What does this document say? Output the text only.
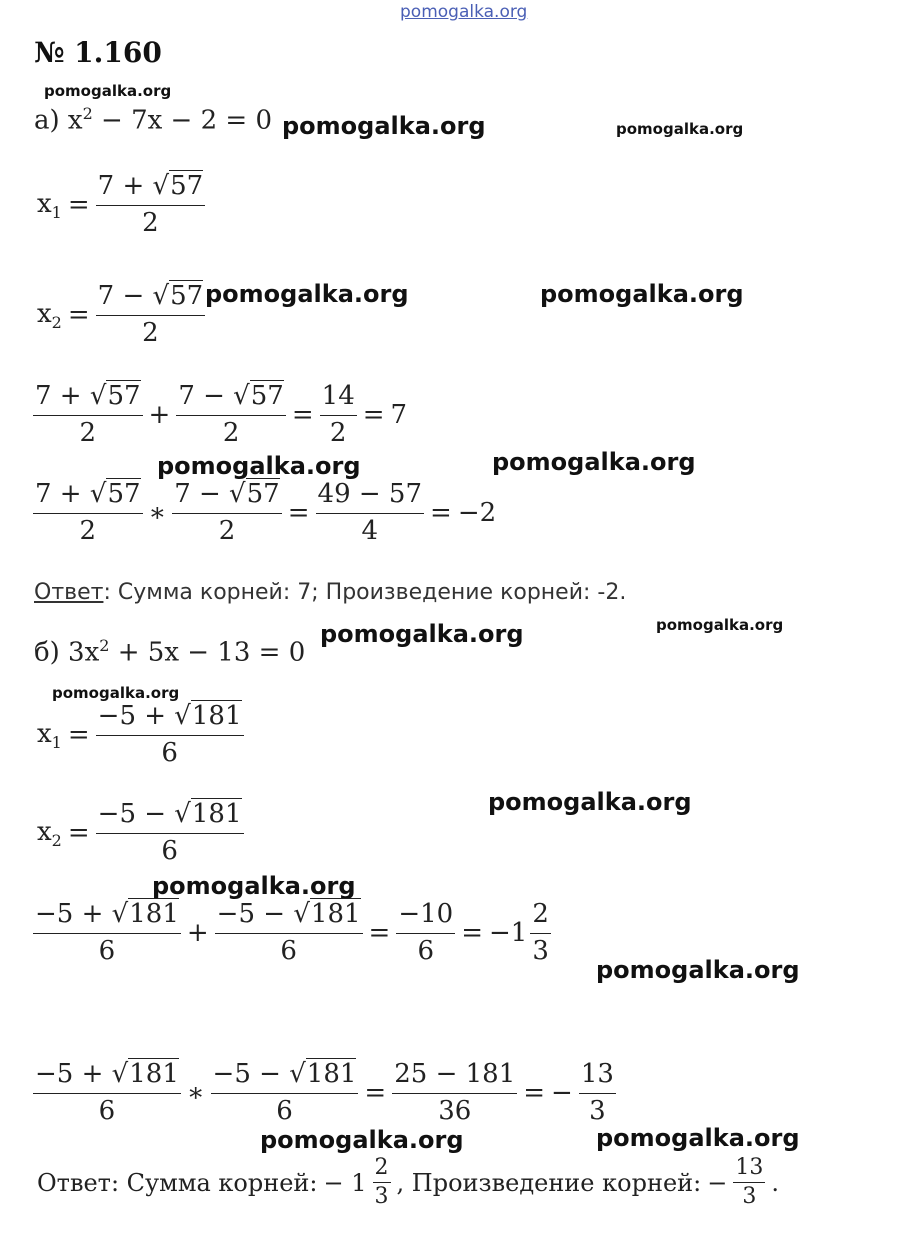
pomogalka.org
№ 1.160
pomogalka.org
pomogalka.org	pomogalka.org
pomogalka.org	pomogalka.org
pomogalka.org	pomogalka.org
pomogalka.org	pomogalka.org
pomogalka.org
pomogalka.org
pomogalka.org
pomogalka.org
pomogalka.org	pomogalka.org
а) $x^2 - 7x - 2 = 0$
$x_1 = \frac{7 + √57}{2}$
$x_2 = \frac{7 - √57}{2}$
$\frac{7 + √57}{2} + \frac{7 - √57}{2} = \frac{14}{2} = 7$
$\frac{7 + √57}{2}$ ∗ $\frac{7 - √57}{2} = \frac{49 - 57}{4} = -2$
Ответ: Сумма корней: 7; Произведение корней: -2.
б) $3x^2 + 5x - 13 = 0$
$x_1 = \frac{-5 + √181}{6}$
$x_2 = \frac{-5 - √181}{6}$
$\frac{-5 + √181}{6} + \frac{-5 - √181}{6} = \frac{-10}{6} = -1 \frac{2}{3}$
$\frac{-5 + √181}{6}$ ∗ $\frac{-5 - √181}{6} = \frac{25 - 181}{36}$ = − $\frac{13}{3}$
Ответ: Сумма корней: − $1 \frac{2}{3}$ , Произведение корней: − $\frac{13}{3}$ .
